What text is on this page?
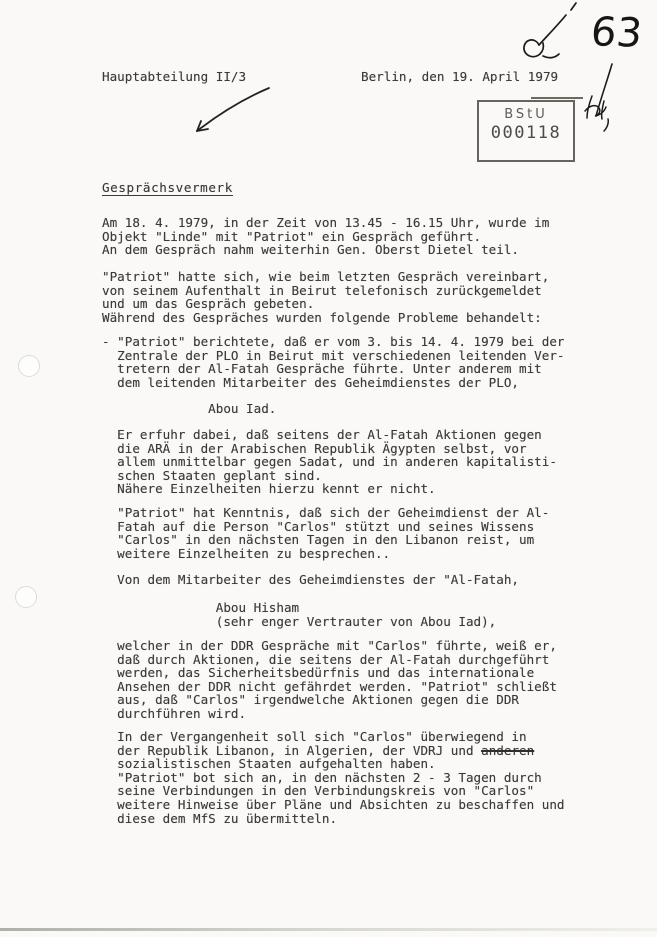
Hauptabteilung II/3	Berlin, den 19. April 1979
63
BStU
000118
Gesprächsvermerk
Am 18. 4. 1979, in der Zeit von 13.45 - 16.15 Uhr, wurde im
Objekt "Linde" mit "Patriot" ein Gespräch geführt.
An dem Gespräch nahm weiterhin Gen. Oberst Dietel teil.
"Patriot" hatte sich, wie beim letzten Gespräch vereinbart,
von seinem Aufenthalt in Beirut telefonisch zurückgemeldet
und um das Gespräch gebeten.
Während des Gespräches wurden folgende Probleme behandelt:
- "Patriot" berichtete, daß er vom 3. bis 14. 4. 1979 bei der
Zentrale der PLO in Beirut mit verschiedenen leitenden Ver-
tretern der Al-Fatah Gespräche führte. Unter anderem mit
dem leitenden Mitarbeiter des Geheimdienstes der PLO,
Abou Iad.
Er erfuhr dabei, daß seitens der Al-Fatah Aktionen gegen
die ARÄ in der Arabischen Republik Ägypten selbst, vor
allem unmittelbar gegen Sadat, und in anderen kapitalisti-
schen Staaten geplant sind.
Nähere Einzelheiten hierzu kennt er nicht.
"Patriot" hat Kenntnis, daß sich der Geheimdienst der Al-
Fatah auf die Person "Carlos" stützt und seines Wissens
"Carlos" in den nächsten Tagen in den Libanon reist, um
weitere Einzelheiten zu besprechen..
Von dem Mitarbeiter des Geheimdienstes der "Al-Fatah,
Abou Hisham
(sehr enger Vertrauter von Abou Iad),
welcher in der DDR Gespräche mit "Carlos" führte, weiß er,
daß durch Aktionen, die seitens der Al-Fatah durchgeführt
werden, das Sicherheitsbedürfnis und das internationale
Ansehen der DDR nicht gefährdet werden. "Patriot" schließt
aus, daß "Carlos" irgendwelche Aktionen gegen die DDR
durchführen wird.
In der Vergangenheit soll sich "Carlos" überwiegend in
der Republik Libanon, in Algerien, der VDRJ und anderen
sozialistischen Staaten aufgehalten haben.
"Patriot" bot sich an, in den nächsten 2 - 3 Tagen durch
seine Verbindungen in den Verbindungskreis von "Carlos"
weitere Hinweise über Pläne und Absichten zu beschaffen und
diese dem MfS zu übermitteln.
